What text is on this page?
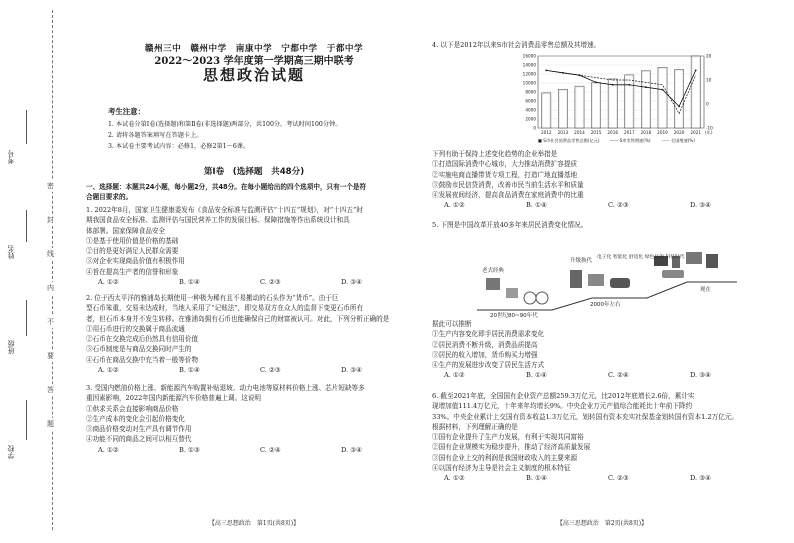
考号
姓名
班级
学校
密
封
线
内
不
要
答
题
赣州三中　赣州中学　南康中学　宁都中学　于都中学
2022～2023 学年度第一学期高三期中联考
思想政治试题
考生注意：
1. 本试卷分第Ⅰ卷(选择题)和第Ⅱ卷(非选择题)两部分，共100分。考试时间100分钟。
2. 请将各题答案填写在答题卡上。
3. 本试卷主要考试内容：必修1，必修2第1～6课。
第Ⅰ卷　(选择题　共48分)
一、选择题：本题共24小题，每小题2分，共48分。在每小题给出的四个选项中，只有一个是符
合题目要求的。
1. 2022年8月，国家卫生健康委发布《食品安全标准与监测评估“十四五”规划》，对“十四五”时
期我国食品安全标准、监测评估与国民营养工作的发展目标、保障措施等作出系统设计和具
体部署。国家保障食品安全
①是基于使用价值是价格的基础
②目的是更好满足人民群众需要
③对企业实现商品价值有积极作用
④旨在提高生产者的信誉和形象
A. ①②	B. ①④	C. ②③	D. ③④
2. 位于西太平洋的雅浦岛长期使用一种极为稀有且不易搬动的石头作为“货币”。由于巨
型石币笨重，交易未达成时，当地人采用了“记账法”，即交易双方在众人的监督下变更石币所有
者，但石币本身并不发生转移。在雅浦岛拥有石币也能确保自己的财富被认可。对此，下列分析正确的是
①用石币进行的交换属于商品流通
②石币在交换完成后仍然具有信用价值
③石币制度是与商品交换同时产生的
④石币在商品交换中充当着一般等价物
A. ①②	B. ①④	C. ②③	D. ③④
3. 受国内燃油价格上涨、新能源汽车购置补贴退坡、动力电池等原材料价格上涨、芯片短缺等多
重因素影响，2022年国内新能源汽车价格普遍上调。这说明
①供求关系会直接影响商品价格
②生产成本的变化会引起价格变化
③商品价格变动对生产具有调节作用
④功能不同的商品之间可以相互替代
A. ①②	B. ①③	C. ②④	D. ③④
【高三思想政治　第1页(共8页)】
4. 以下是2012年以来S市社会消费品零售总额及其增速。
0
2000
4000
6000
8000
10000
12000
14000
16000
-10
0
10
20
2012 2013 2014 2015 2016 2017 2018 2019 2020 2021 (年)
■ S市社会消费品零售总额(亿元)	—— S市零售增速(%)	----- 全国增速(%)
下列有助于保持上述变化趋势的企业举措是
①打造国际消费中心城市，大力推动消费扩容提质
②实施电商直播带货专项工程，打造广地直播基地
③鼓励市民信贷消费，改善市民当前生活水平和质量
④发展夜间经济，提高食品消费在家庭消费中的比重
A. ①②	B. ①④	C. ②③	D. ③④
5. 下图是中国改革开放40多年来居民消费变化情况。
老式经典
升级换代
电子化 智能化 舒适化 绿色环保 科技时代
20世纪80~90年代
2000年左右
现在
据此可以推断
①生产内容变化即手居民消费需求变化
②居民消费不断升级，消费品质提高
③居民的收入增加，货币购买力增强
④生产的发展进步改变了居民生活方式
A. ①②	B. ①④	C. ②④	D. ③④
6. 截至2021年底，全国国有企业资产总额259.3万亿元，比2012年底增长2.6倍，累计实
现增加值111.4万亿元，十年来年均增长9%。中央企业万元产值综合能耗比十年前下降约
33%。中央企业累计上交国有资本收益1.3万亿元，划转国有资本充实社保基金划转国有资本1.2万亿元。
根据材料，下列理解正确的是
①国有企业提升了生产力发展，有利于实现共同富裕
②国有企业规模实为稳步提升，推动了经济高质量发展
③国有企业上交的利润是我国财政收入的主要来源
④以国有经济为主导是社会主义制度的根本特征
A. ①②	B. ①④	C. ②③	D. ③④
【高三思想政治　第2页(共8页)】
